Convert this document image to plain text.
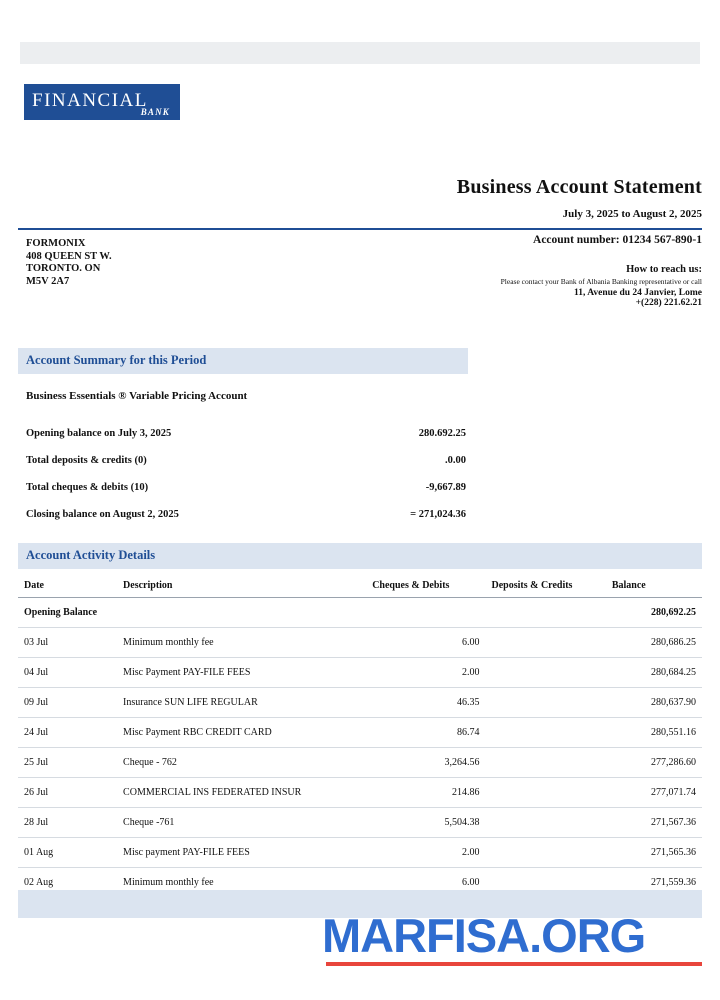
FINANCIAL
BANK
Business Account Statement
July 3, 2025 to August 2, 2025
Account number: 01234 567-890-1
FORMONIX
408 QUEEN ST W.
TORONTO. ON
M5V 2A7
How to reach us:
Please contact your Bank of Albania Banking representative or call
11, Avenue du 24 Janvier, Lome
+(228) 221.62.21
Account Summary for this Period
Business Essentials ® Variable Pricing Account
Opening balance on July 3, 2025	280.692.25
Total deposits & credits (0)	.0.00
Total cheques & debits (10)	-9,667.89
Closing balance on August 2, 2025	= 271,024.36
Account Activity Details
Date	Description	Cheques & Debits	Deposits & Credits	Balance
Opening Balance				280,692.25
03 Jul	Minimum monthly fee	6.00		280,686.25
04 Jul	Misc Payment PAY-FILE FEES	2.00		280,684.25
09 Jul	Insurance SUN LIFE REGULAR	46.35		280,637.90
24 Jul	Misc Payment RBC CREDIT CARD	86.74		280,551.16
25 Jul	Cheque - 762	3,264.56		277,286.60
26 Jul	COMMERCIAL INS FEDERATED INSUR	214.86		277,071.74
28 Jul	Cheque -761	5,504.38		271,567.36
01 Aug	Misc payment PAY-FILE FEES	2.00		271,565.36
02 Aug	Minimum monthly fee	6.00		271,559.36
MARFISA.ORG
